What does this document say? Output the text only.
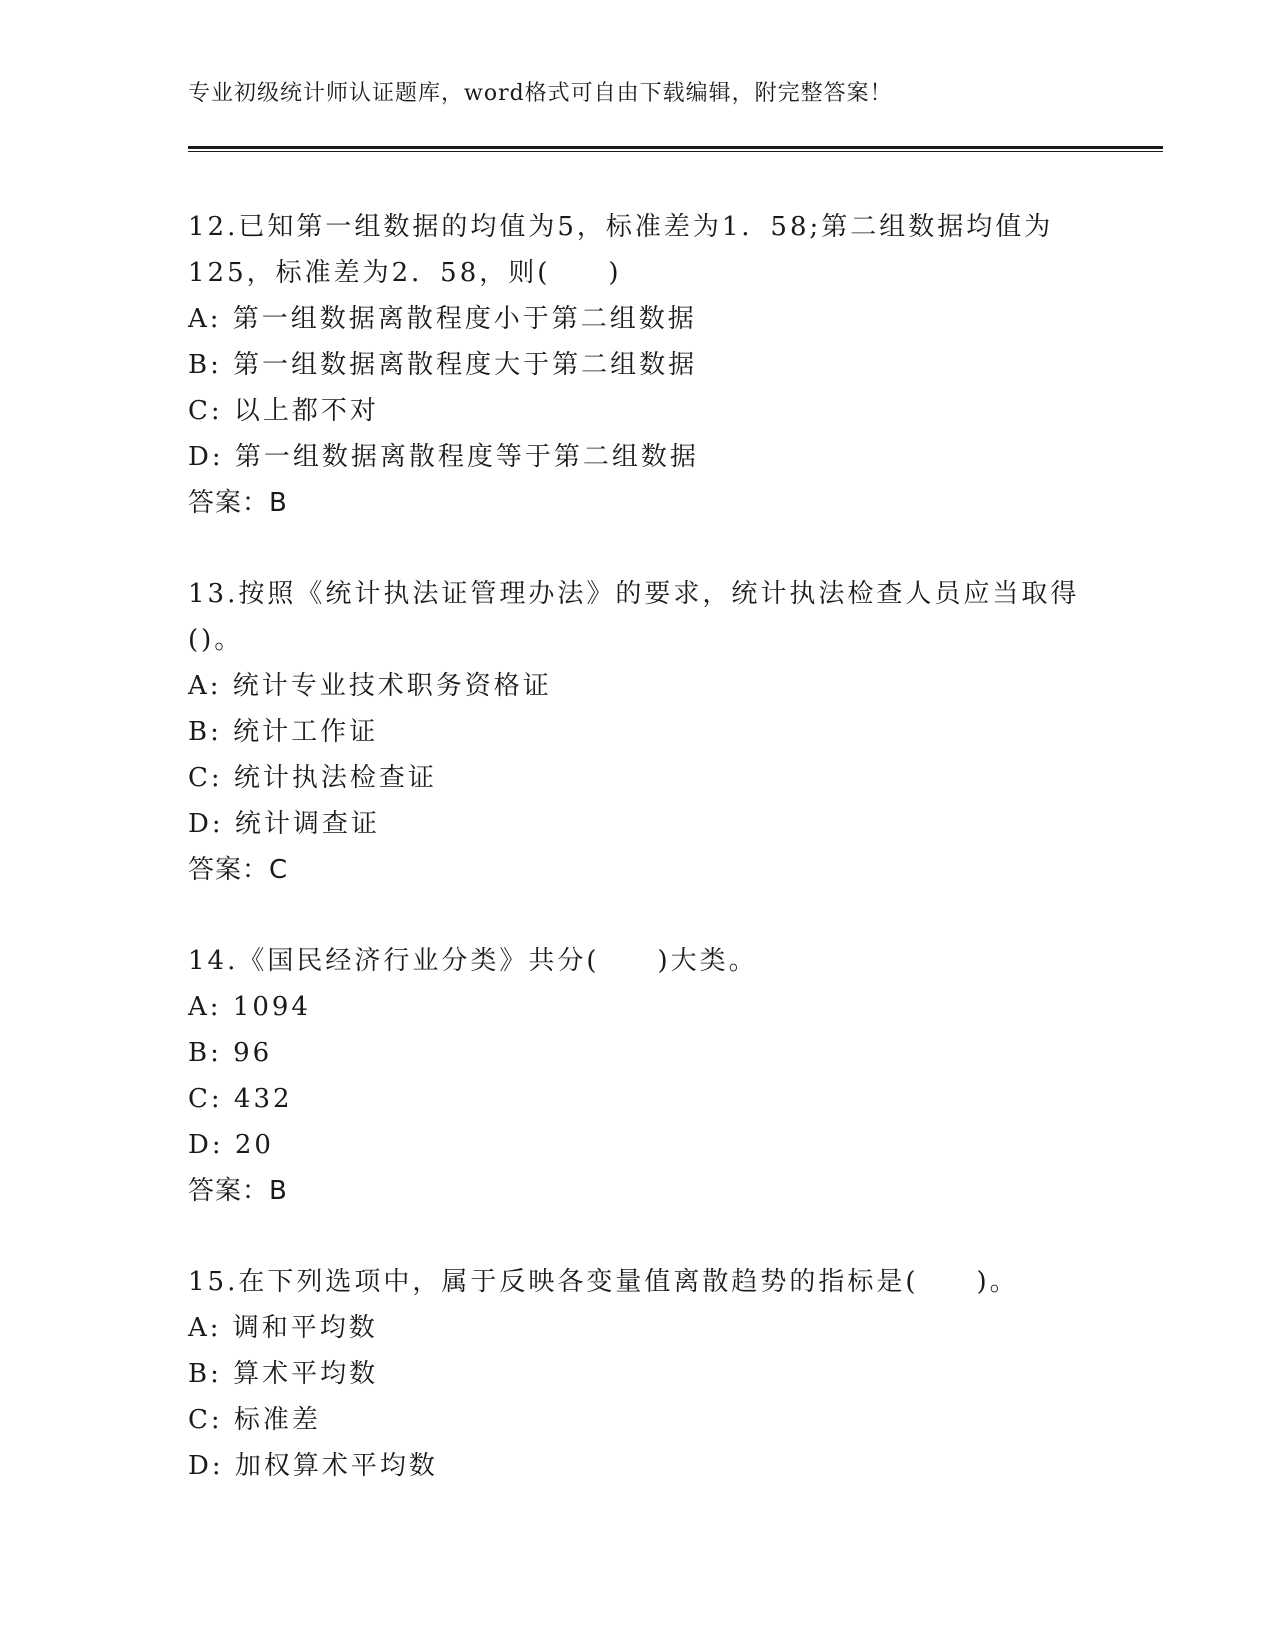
专业初级统计师认证题库，word格式可自由下载编辑，附完整答案！
12.已知第一组数据的均值为5，标准差为1．58;第二组数据均值为
125，标准差为2．58，则(　　)
A: 第一组数据离散程度小于第二组数据
B: 第一组数据离散程度大于第二组数据
C: 以上都不对
D: 第一组数据离散程度等于第二组数据
答案：B
13.按照《统计执法证管理办法》的要求，统计执法检查人员应当取得
()。
A: 统计专业技术职务资格证
B: 统计工作证
C: 统计执法检查证
D: 统计调查证
答案：C
14.《国民经济行业分类》共分(　　)大类。
A: 1094
B: 96
C: 432
D: 20
答案：B
15.在下列选项中，属于反映各变量值离散趋势的指标是(　　)。
A: 调和平均数
B: 算术平均数
C: 标准差
D: 加权算术平均数
